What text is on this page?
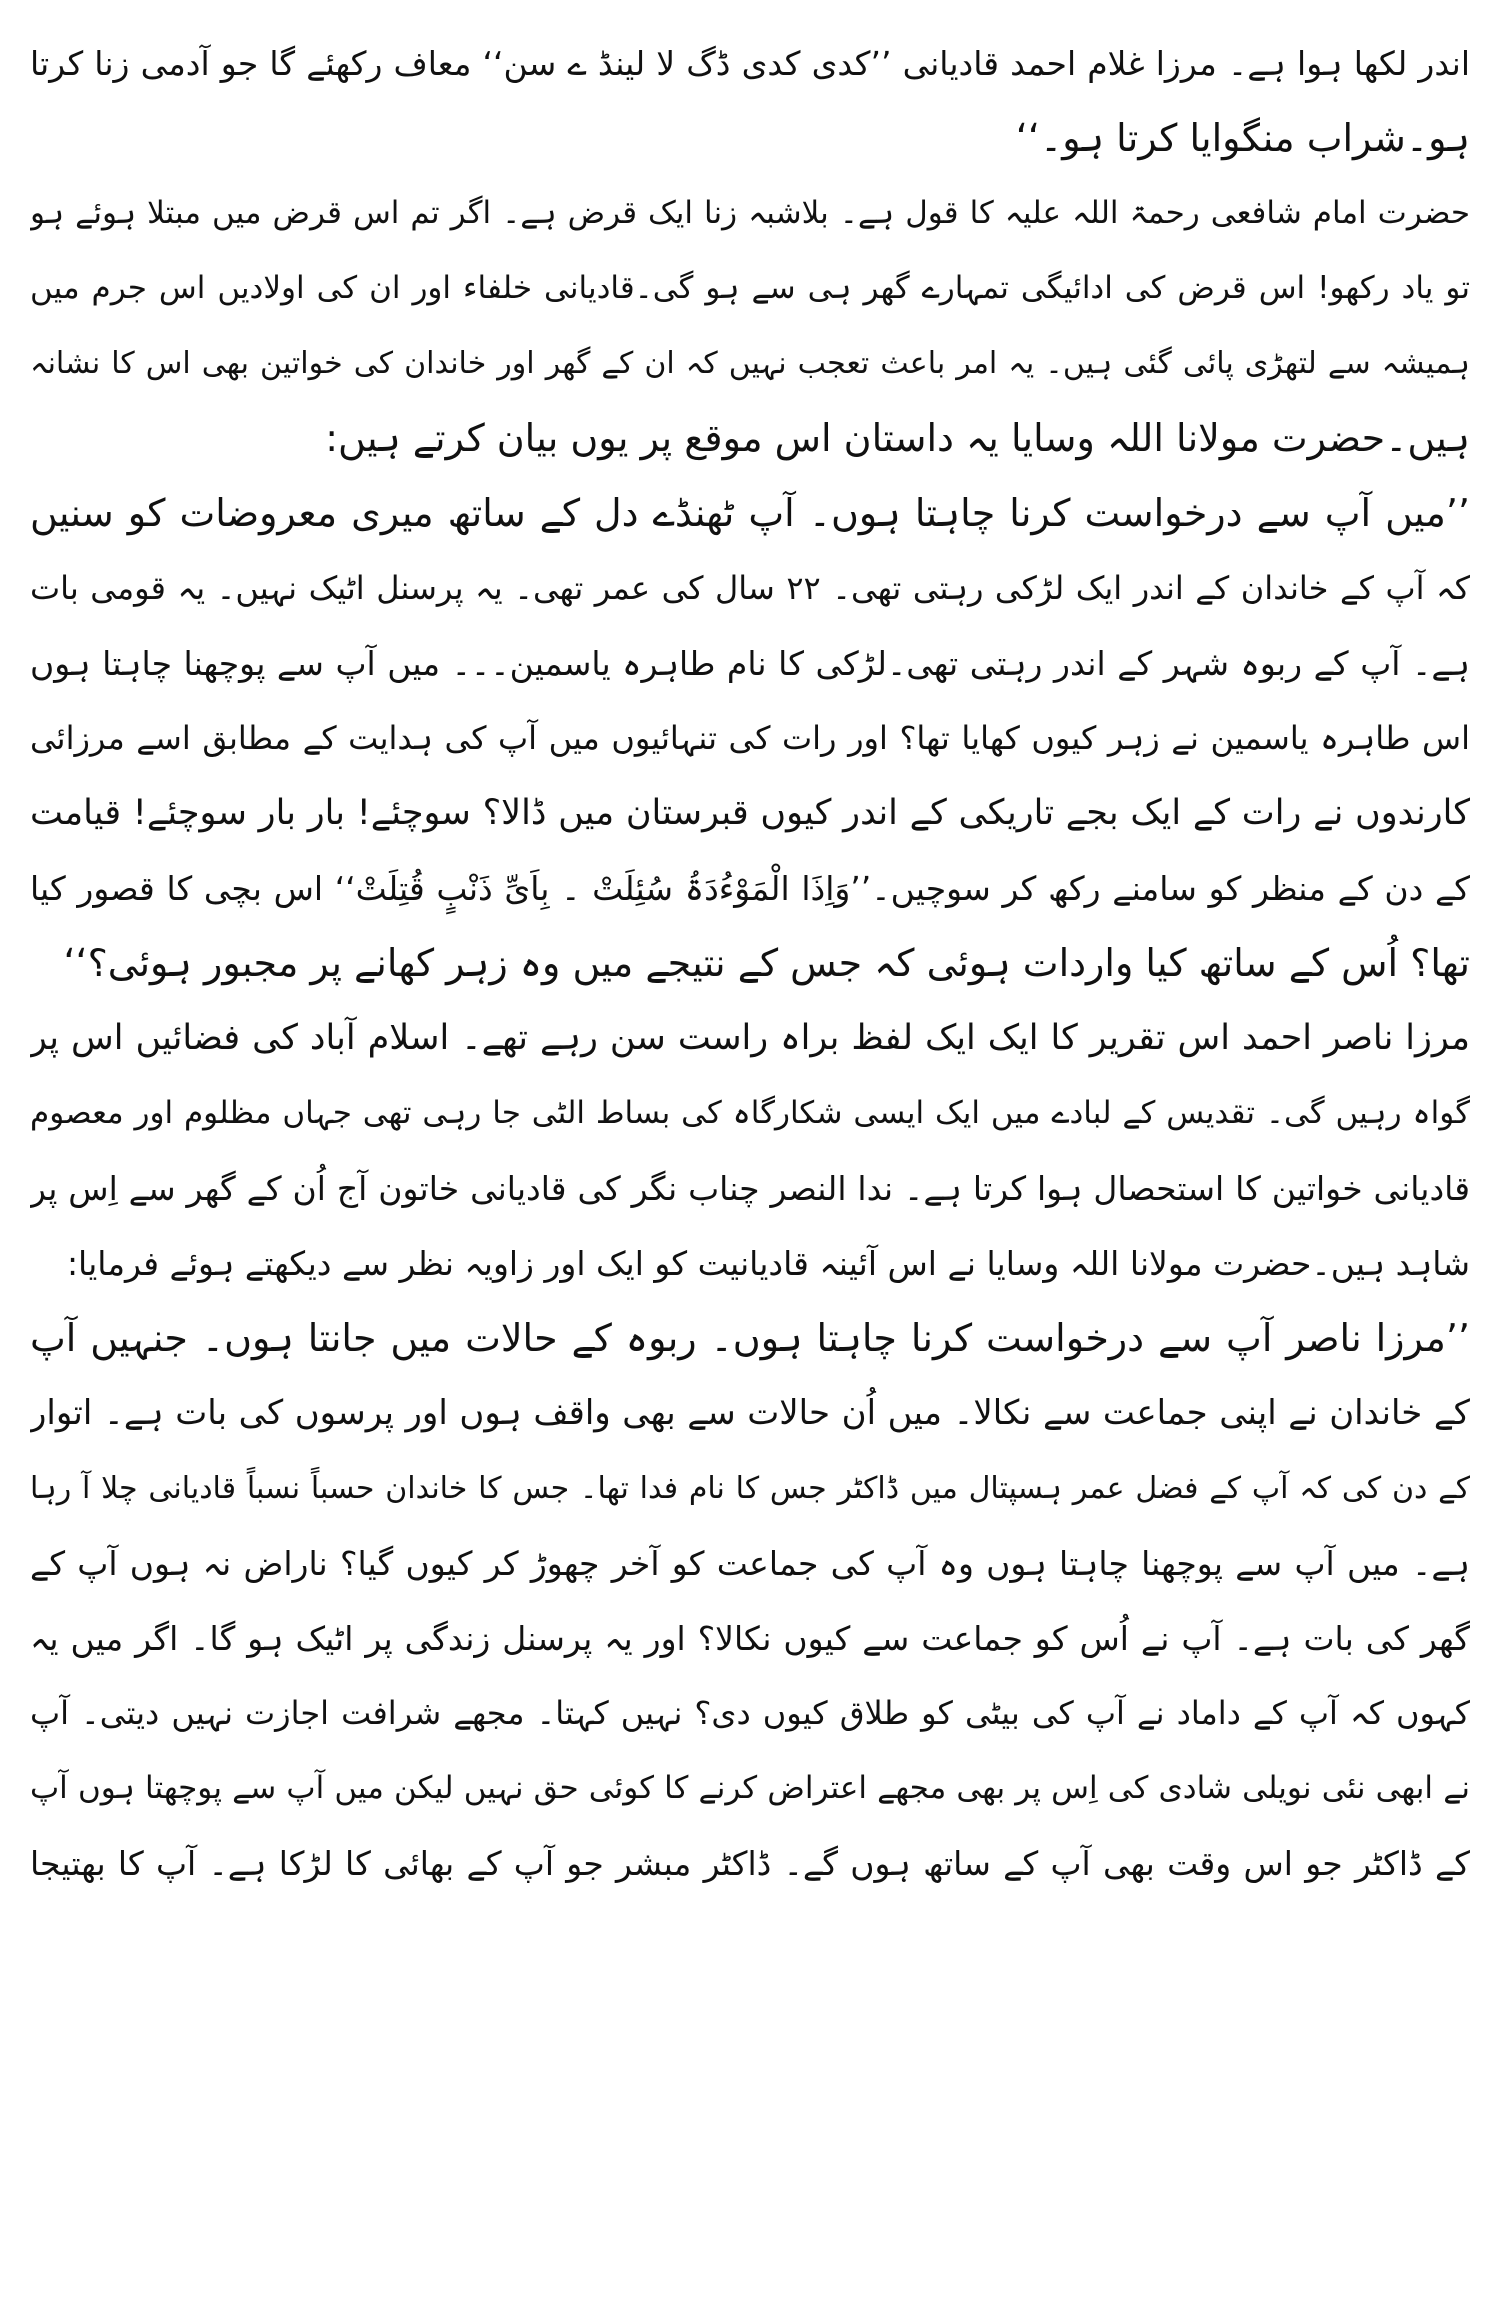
اندر لکھا ہوا ہے۔ مرزا غلام احمد قادیانی ’’کدی کدی ڈگ لا لینڈ ے سن‘‘ معاف رکھئے گا جو آدمی زنا کرتا
ہو۔شراب منگوایا کرتا ہو۔‘‘
حضرت امام شافعی رحمۃ اللہ علیہ کا قول ہے۔ بلاشبہ زنا ایک قرض ہے۔ اگر تم اس قرض میں مبتلا ہوئے ہو
تو یاد رکھو! اس قرض کی ادائیگی تمہارے گھر ہی سے ہو گی۔قادیانی خلفاء اور ان کی اولادیں اس جرم میں
ہمیشہ سے لتھڑی پائی گئی ہیں۔ یہ امر باعث تعجب نہیں کہ ان کے گھر اور خاندان کی خواتین بھی اس کا نشانہ
ہیں۔حضرت مولانا اللہ وسایا یہ داستان اس موقع پر یوں بیان کرتے ہیں:
’’میں آپ سے درخواست کرنا چاہتا ہوں۔ آپ ٹھنڈے دل کے ساتھ میری معروضات کو سنیں
کہ آپ کے خاندان کے اندر ایک لڑکی رہتی تھی۔ ۲۲ سال کی عمر تھی۔ یہ پرسنل اٹیک نہیں۔ یہ قومی بات
ہے۔ آپ کے ربوہ شہر کے اندر رہتی تھی۔لڑکی کا نام طاہرہ یاسمین۔۔۔ میں آپ سے پوچھنا چاہتا ہوں
اس طاہرہ یاسمین نے زہر کیوں کھایا تھا؟ اور رات کی تنہائیوں میں آپ کی ہدایت کے مطابق اسے مرزائی
کارندوں نے رات کے ایک بجے تاریکی کے اندر کیوں قبرستان میں ڈالا؟ سوچئے! بار بار سوچئے! قیامت
کے دن کے منظر کو سامنے رکھ کر سوچیں۔’’وَاِذَا الْمَوْءُدَۃُ سُئِلَتْ ۔ بِاَیِّ ذَنْبٍ قُتِلَتْ‘‘ اس بچی کا قصور کیا
تھا؟ اُس کے ساتھ کیا واردات ہوئی کہ جس کے نتیجے میں وہ زہر کھانے پر مجبور ہوئی؟‘‘
مرزا ناصر احمد اس تقریر کا ایک ایک لفظ براہ راست سن رہے تھے۔ اسلام آباد کی فضائیں اس پر
گواہ رہیں گی۔ تقدیس کے لبادے میں ایک ایسی شکارگاہ کی بساط الٹی جا رہی تھی جہاں مظلوم اور معصوم
قادیانی خواتین کا استحصال ہوا کرتا ہے۔ ندا النصر چناب نگر کی قادیانی خاتون آج اُن کے گھر سے اِس پر
شاہد ہیں۔حضرت مولانا اللہ وسایا نے اس آئینہ قادیانیت کو ایک اور زاویہ نظر سے دیکھتے ہوئے فرمایا:
’’مرزا ناصر آپ سے درخواست کرنا چاہتا ہوں۔ ربوہ کے حالات میں جانتا ہوں۔ جنہیں آپ
کے خاندان نے اپنی جماعت سے نکالا۔ میں اُن حالات سے بھی واقف ہوں اور پرسوں کی بات ہے۔ اتوار
کے دن کی کہ آپ کے فضل عمر ہسپتال میں ڈاکٹر جس کا نام فدا تھا۔ جس کا خاندان حسباً نسباً قادیانی چلا آ رہا
ہے۔ میں آپ سے پوچھنا چاہتا ہوں وہ آپ کی جماعت کو آخر چھوڑ کر کیوں گیا؟ ناراض نہ ہوں آپ کے
گھر کی بات ہے۔ آپ نے اُس کو جماعت سے کیوں نکالا؟ اور یہ پرسنل زندگی پر اٹیک ہو گا۔ اگر میں یہ
کہوں کہ آپ کے داماد نے آپ کی بیٹی کو طلاق کیوں دی؟ نہیں کہتا۔ مجھے شرافت اجازت نہیں دیتی۔ آپ
نے ابھی نئی نویلی شادی کی اِس پر بھی مجھے اعتراض کرنے کا کوئی حق نہیں لیکن میں آپ سے پوچھتا ہوں آپ
کے ڈاکٹر جو اس وقت بھی آپ کے ساتھ ہوں گے۔ ڈاکٹر مبشر جو آپ کے بھائی کا لڑکا ہے۔ آپ کا بھتیجا
